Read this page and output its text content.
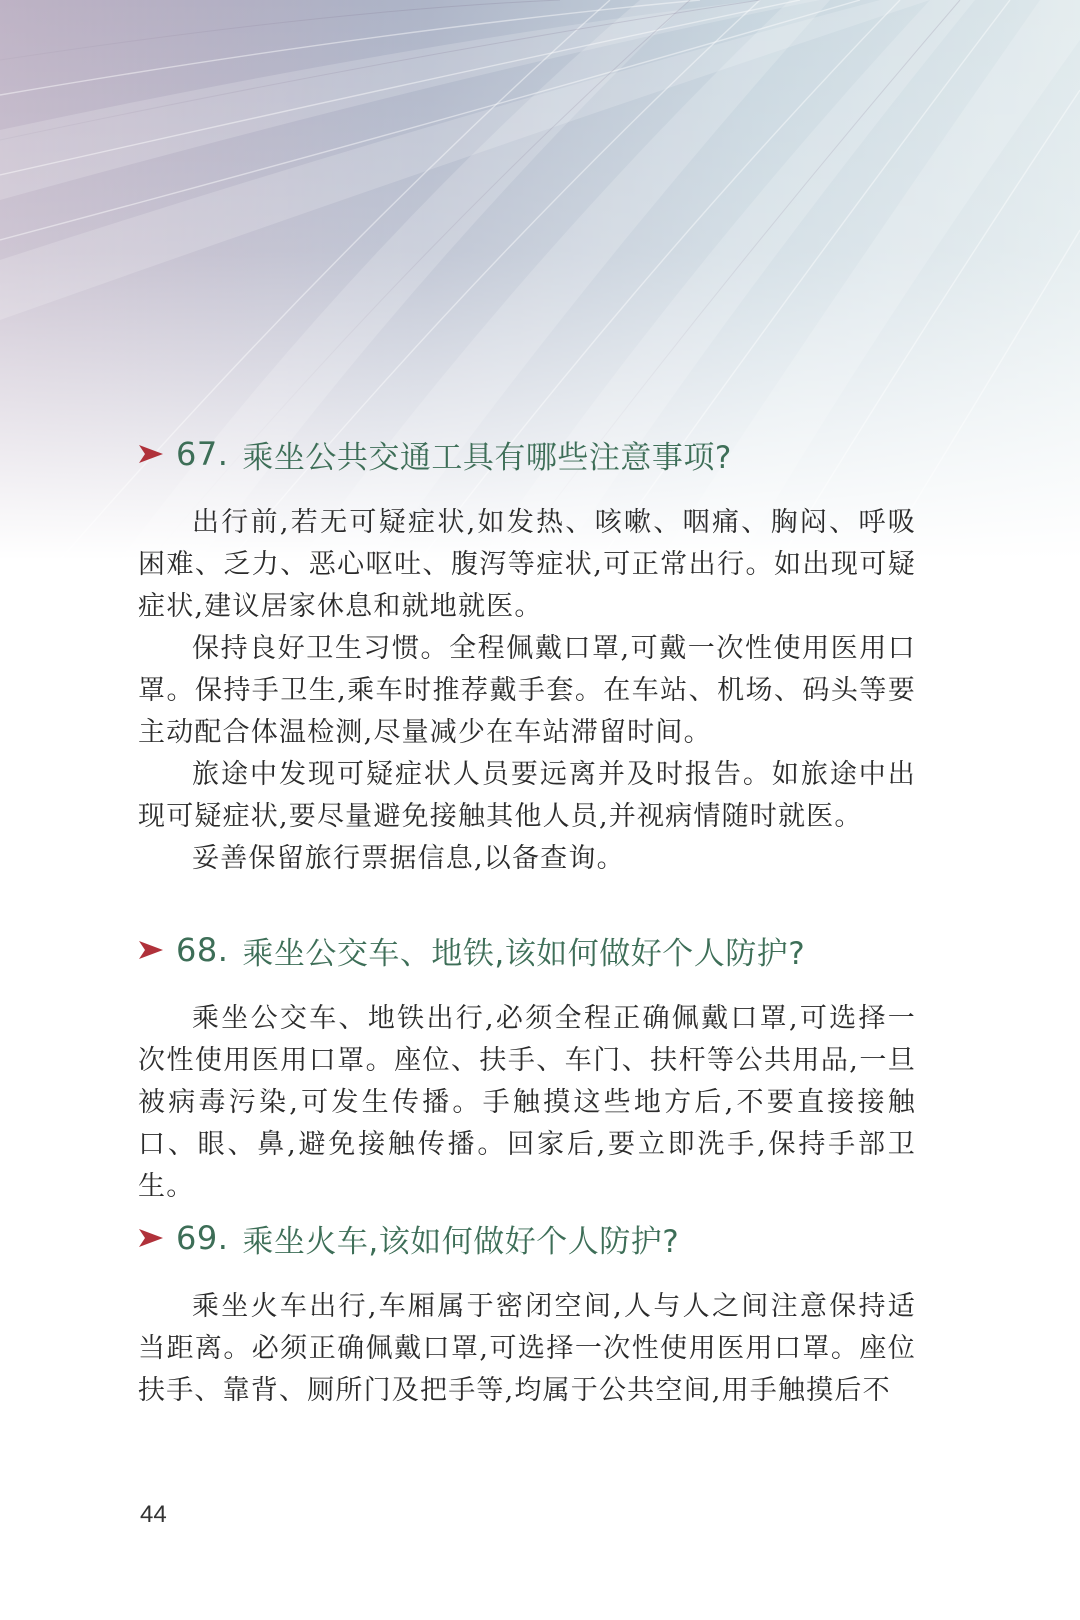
67. 乘坐公共交通工具有哪些注意事项?

出行前,若无可疑症状,如发热、咳嗽、咽痛、胸闷、呼吸困难、乏力、恶心呕吐、腹泻等症状,可正常出行。如出现可疑症状,建议居家休息和就地就医。

保持良好卫生习惯。全程佩戴口罩,可戴一次性使用医用口罩。保持手卫生,乘车时推荐戴手套。在车站、机场、码头等要主动配合体温检测,尽量减少在车站滞留时间。

旅途中发现可疑症状人员要远离并及时报告。如旅途中出现可疑症状,要尽量避免接触其他人员,并视病情随时就医。

妥善保留旅行票据信息,以备查询。

68. 乘坐公交车、地铁,该如何做好个人防护?

乘坐公交车、地铁出行,必须全程正确佩戴口罩,可选择一次性使用医用口罩。座位、扶手、车门、扶杆等公共用品,一旦被病毒污染,可发生传播。手触摸这些地方后,不要直接接触口、眼、鼻,避免接触传播。回家后,要立即洗手,保持手部卫生。

69. 乘坐火车,该如何做好个人防护?

乘坐火车出行,车厢属于密闭空间,人与人之间注意保持适当距离。必须正确佩戴口罩,可选择一次性使用医用口罩。座位扶手、靠背、厕所门及把手等,均属于公共空间,用手触摸后不

44
